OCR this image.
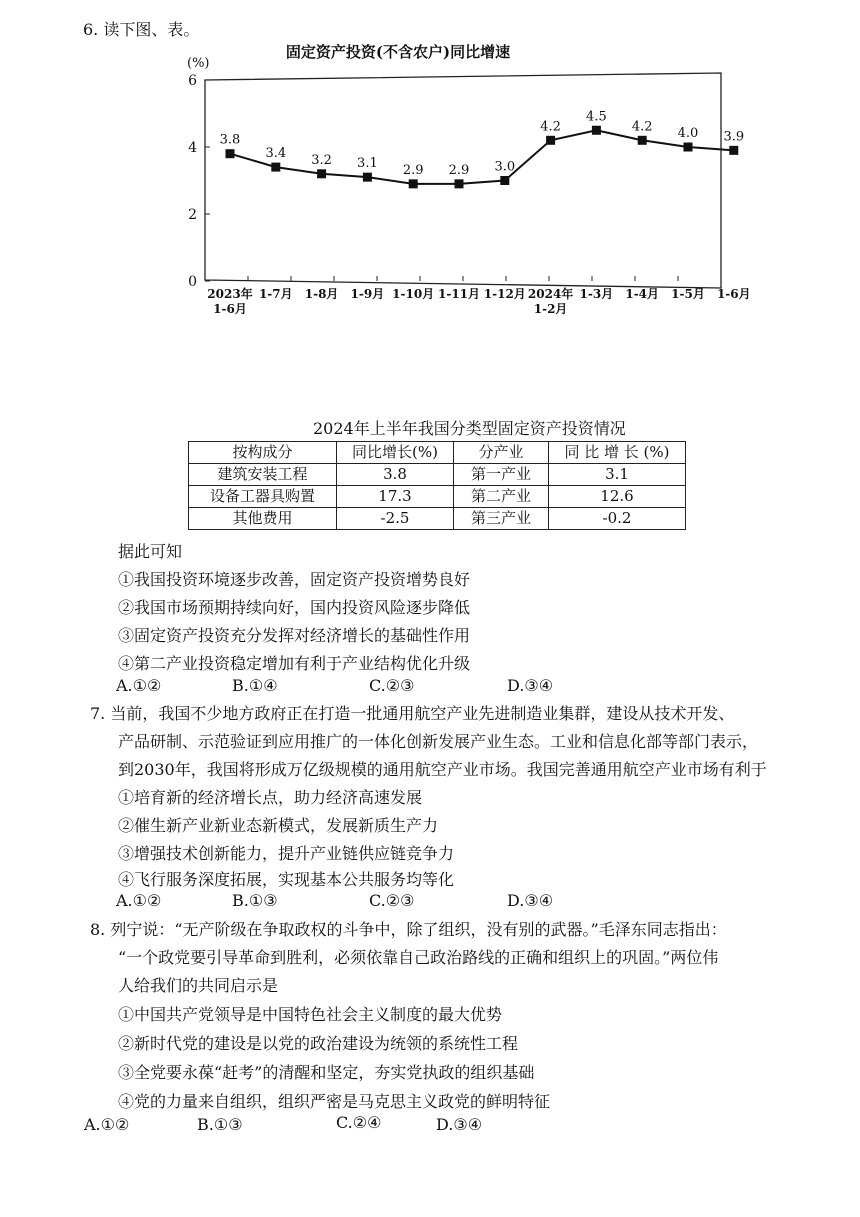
6. 读下图、表。
固定资产投资(不含农户)同比增速
(%)
0
2
4
6
2023年
1-6月
1-7月 1-8月 1-9月 1-10月 1-11月 1-12月 2024年
1-2月
1-3月 1-4月 1-5月 1-6月
3.8
3.4 3.2 3.1 2.9 2.9 3.0
4.2
4.5
4.2 4.0 3.9
2024年上半年我国分类型固定资产投资情况
按构成分	同比增长(%)	分产业	同 比 增 长 (%)
建筑安装工程	3.8	第一产业	3.1
设备工器具购置	17.3	第二产业	12.6
其他费用	-2.5	第三产业	-0.2
据此可知
①我国投资环境逐步改善，固定资产投资增势良好
②我国市场预期持续向好，国内投资风险逐步降低
③固定资产投资充分发挥对经济增长的基础性作用
④第二产业投资稳定增加有利于产业结构优化升级
A.①②	B.①④	C.②③	D.③④
7. 当前，我国不少地方政府正在打造一批通用航空产业先进制造业集群，建设从技术开发、
产品研制、示范验证到应用推广的一体化创新发展产业生态。工业和信息化部等部门表示，
到2030年，我国将形成万亿级规模的通用航空产业市场。我国完善通用航空产业市场有利于
①培育新的经济增长点，助力经济高速发展
②催生新产业新业态新模式，发展新质生产力
③增强技术创新能力，提升产业链供应链竞争力
④飞行服务深度拓展，实现基本公共服务均等化
A.①②	B.①③	C.②③	D.③④
8. 列宁说：“无产阶级在争取政权的斗争中，除了组织，没有别的武器。”毛泽东同志指出：
“一个政党要引导革命到胜利，必须依靠自己政治路线的正确和组织上的巩固。”两位伟
人给我们的共同启示是
①中国共产党领导是中国特色社会主义制度的最大优势
②新时代党的建设是以党的政治建设为统领的系统性工程
③全党要永葆“赶考”的清醒和坚定，夯实党执政的组织基础
④党的力量来自组织，组织严密是马克思主义政党的鲜明特征
A.①②	B.①③	C.②④	D.③④
